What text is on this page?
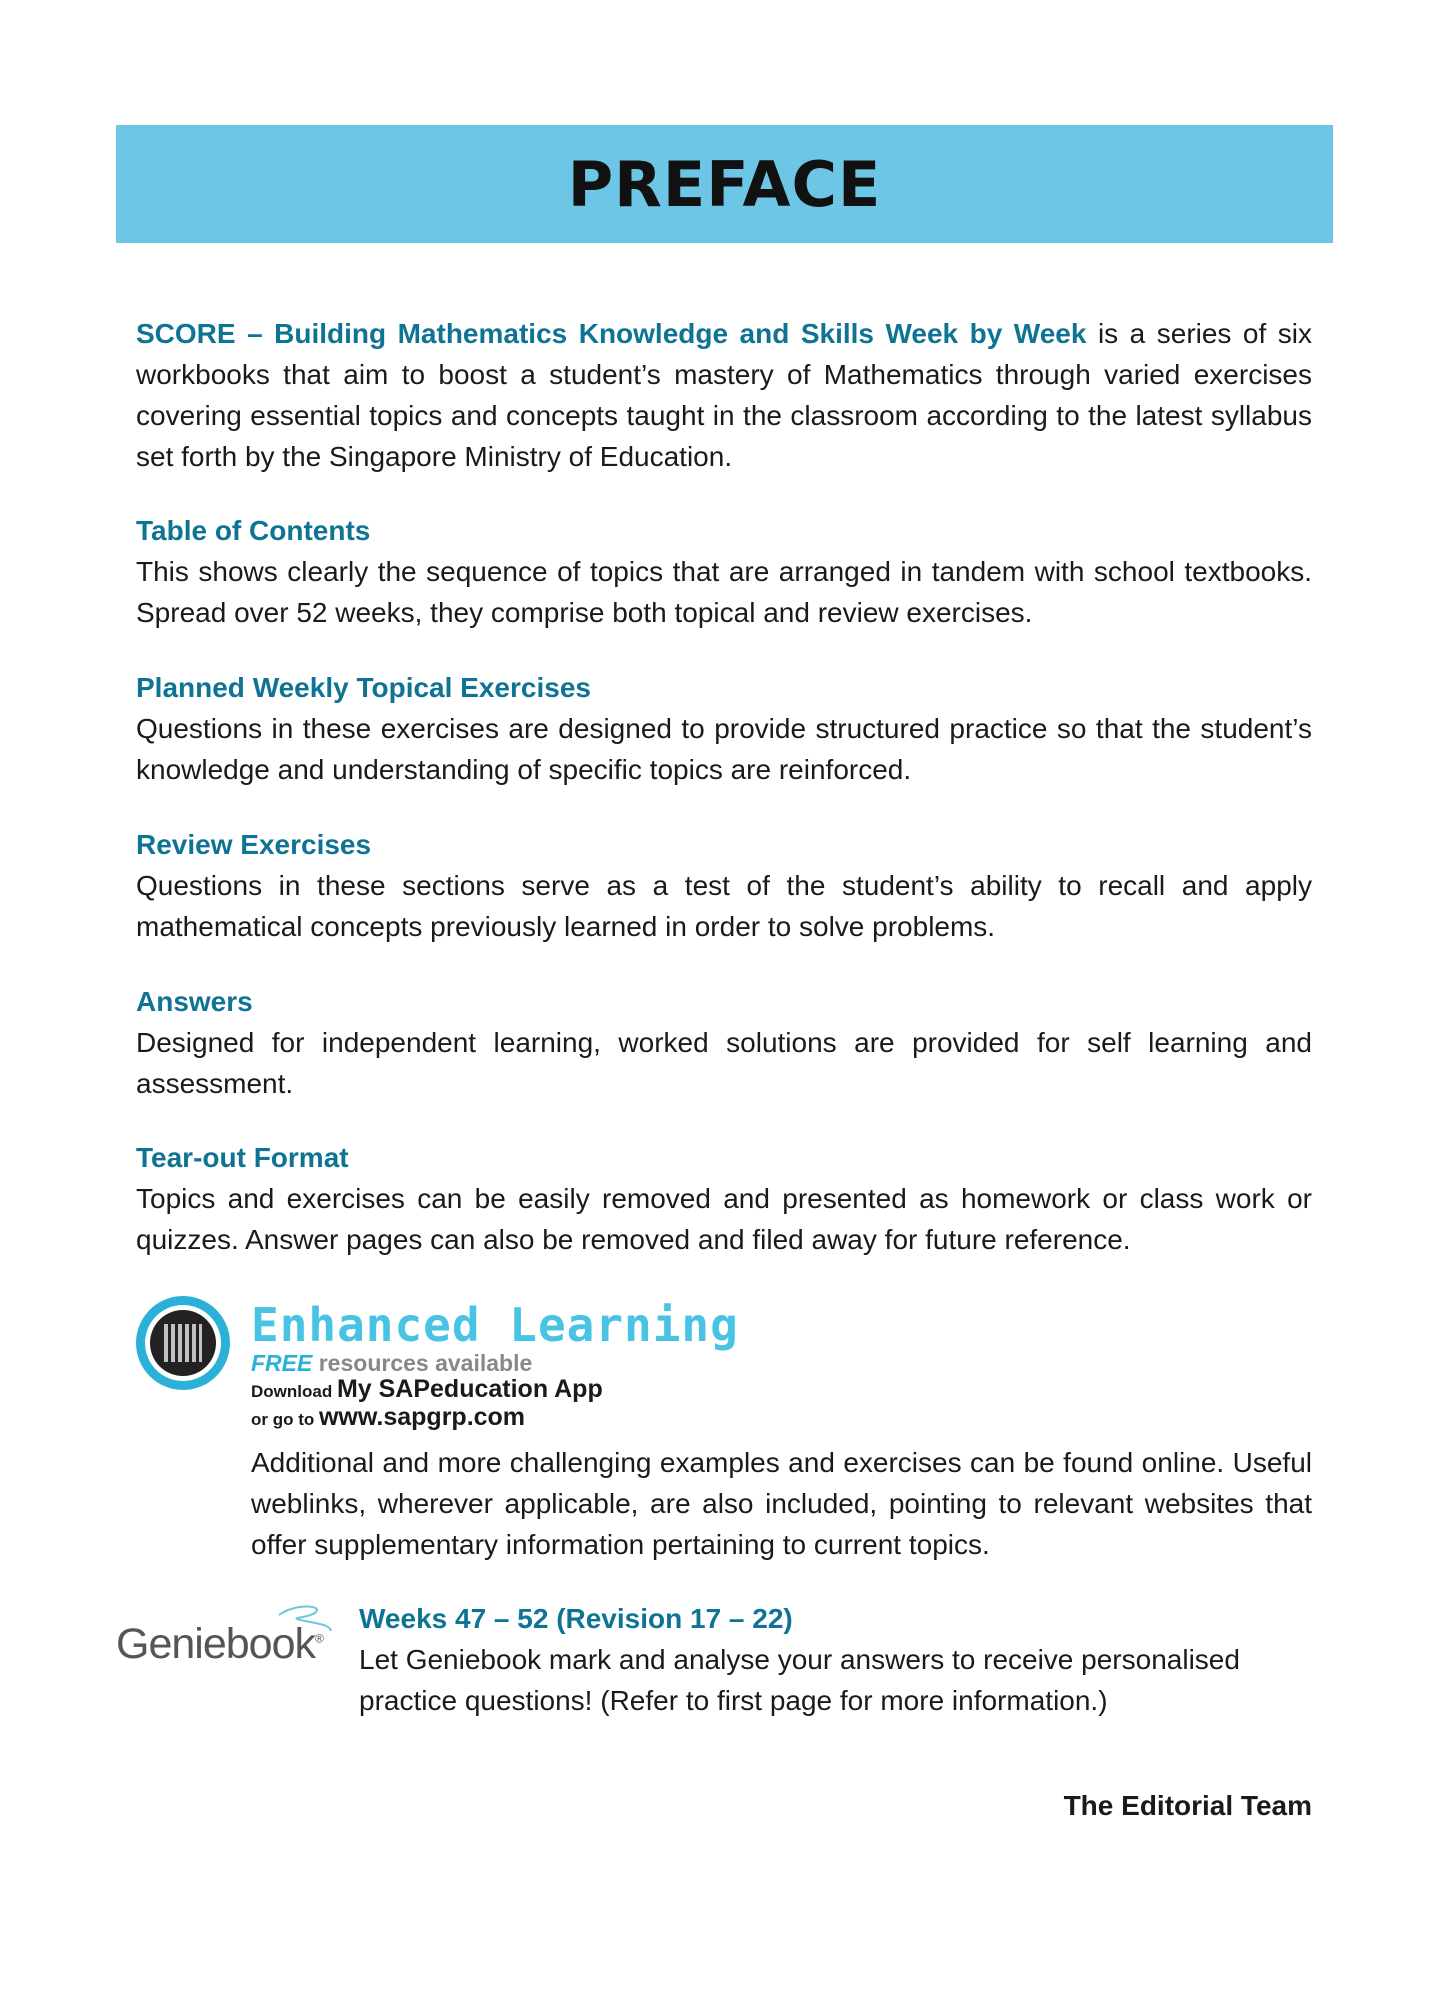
PREFACE

SCORE – Building Mathematics Knowledge and Skills Week by Week is a series of six workbooks that aim to boost a student’s mastery of Mathematics through varied exercises covering essential topics and concepts taught in the classroom according to the latest syllabus set forth by the Singapore Ministry of Education.

Table of Contents

This shows clearly the sequence of topics that are arranged in tandem with school textbooks. Spread over 52 weeks, they comprise both topical and review exercises.

Planned Weekly Topical Exercises

Questions in these exercises are designed to provide structured practice so that the student’s knowledge and understanding of specific topics are reinforced.

Review Exercises

Questions in these sections serve as a test of the student’s ability to recall and apply mathematical concepts previously learned in order to solve problems.

Answers

Designed for independent learning, worked solutions are provided for self learning and assessment.

Tear-out Format

Topics and exercises can be easily removed and presented as homework or class work or quizzes. Answer pages can also be removed and filed away for future reference.

Enhanced Learning
FREE resources available
Download My SAPeducation App
or go to www.sapgrp.com
Additional and more challenging examples and exercises can be found online. Useful weblinks, wherever applicable, are also included, pointing to relevant websites that offer supplementary information pertaining to current topics.
Geniebook®
Weeks 47 – 52 (Revision 17 – 22)
Let Geniebook mark and analyse your answers to receive personalised practice questions! (Refer to first page for more information.)
The Editorial Team
